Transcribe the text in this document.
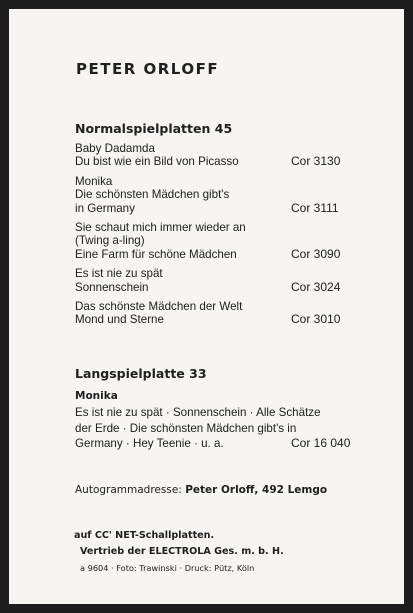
PETER ORLOFF
Normalspielplatten 45
Baby Dadamda
Du bist wie ein Bild von Picasso	Cor 3130
Monika
Die schönsten Mädchen gibt's
in Germany	Cor 3111
Sie schaut mich immer wieder an
(Twing a-ling)
Eine Farm für schöne Mädchen	Cor 3090
Es ist nie zu spät
Sonnenschein	Cor 3024
Das schönste Mädchen der Welt
Mond und Sterne	Cor 3010
Langspielplatte 33
Monika
Es ist nie zu spät · Sonnenschein · Alle Schätze
der Erde · Die schönsten Mädchen gibt's in
Germany · Hey Teenie · u. a.	Cor 16 040
Autogrammadresse: Peter Orloff, 492 Lemgo
auf CC' NET-Schallplatten.
Vertrieb der ELECTROLA Ges. m. b. H.
a 9604 · Foto: Trawinski · Druck: Pütz, Köln
